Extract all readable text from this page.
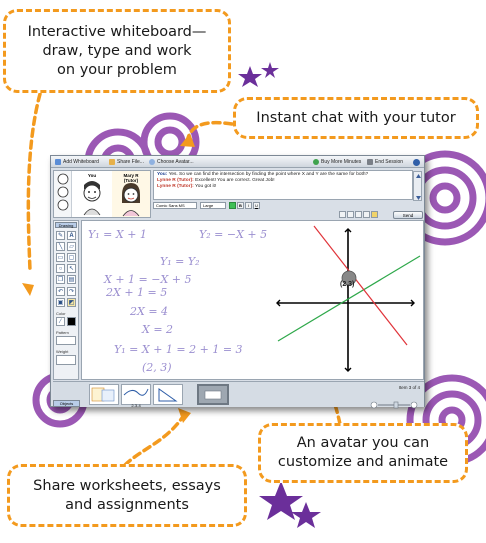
Interactive whiteboard—
draw, type and work
on your problem
Instant chat with your tutor
An avatar you can
customize and animate
Share worksheets, essays
and assignments
Add Whiteboard	Share File...	Choose Avatar...	Buy More Minutes	End Session
You	Mary R
(Tutor)
You: Yes. So we can find the intersection by finding the point where X and Y are the same for both?
Lynne R (Tutor): Excellent! You are correct. Great Job!
Lynne R (Tutor): You got it!
Comic Sans MS	Large	B	I	U
Send
Drawing
✎	A
╲	▱
▭ ▢
○	↖
❐ ▤
↶ ↷
▣ ◩
Color
⁄
Pattern
Weight
Y₁ = X + 1	Y₂ = −X + 5
Y₁ = Y₂
X + 1 = −X + 5
2X + 1 = 5
2X = 4
X = 2
Y₁ = X + 1 = 2 + 1 = 3
(2, 3)
(2,3)
Objects	2-3-4
Item 3 of 4
